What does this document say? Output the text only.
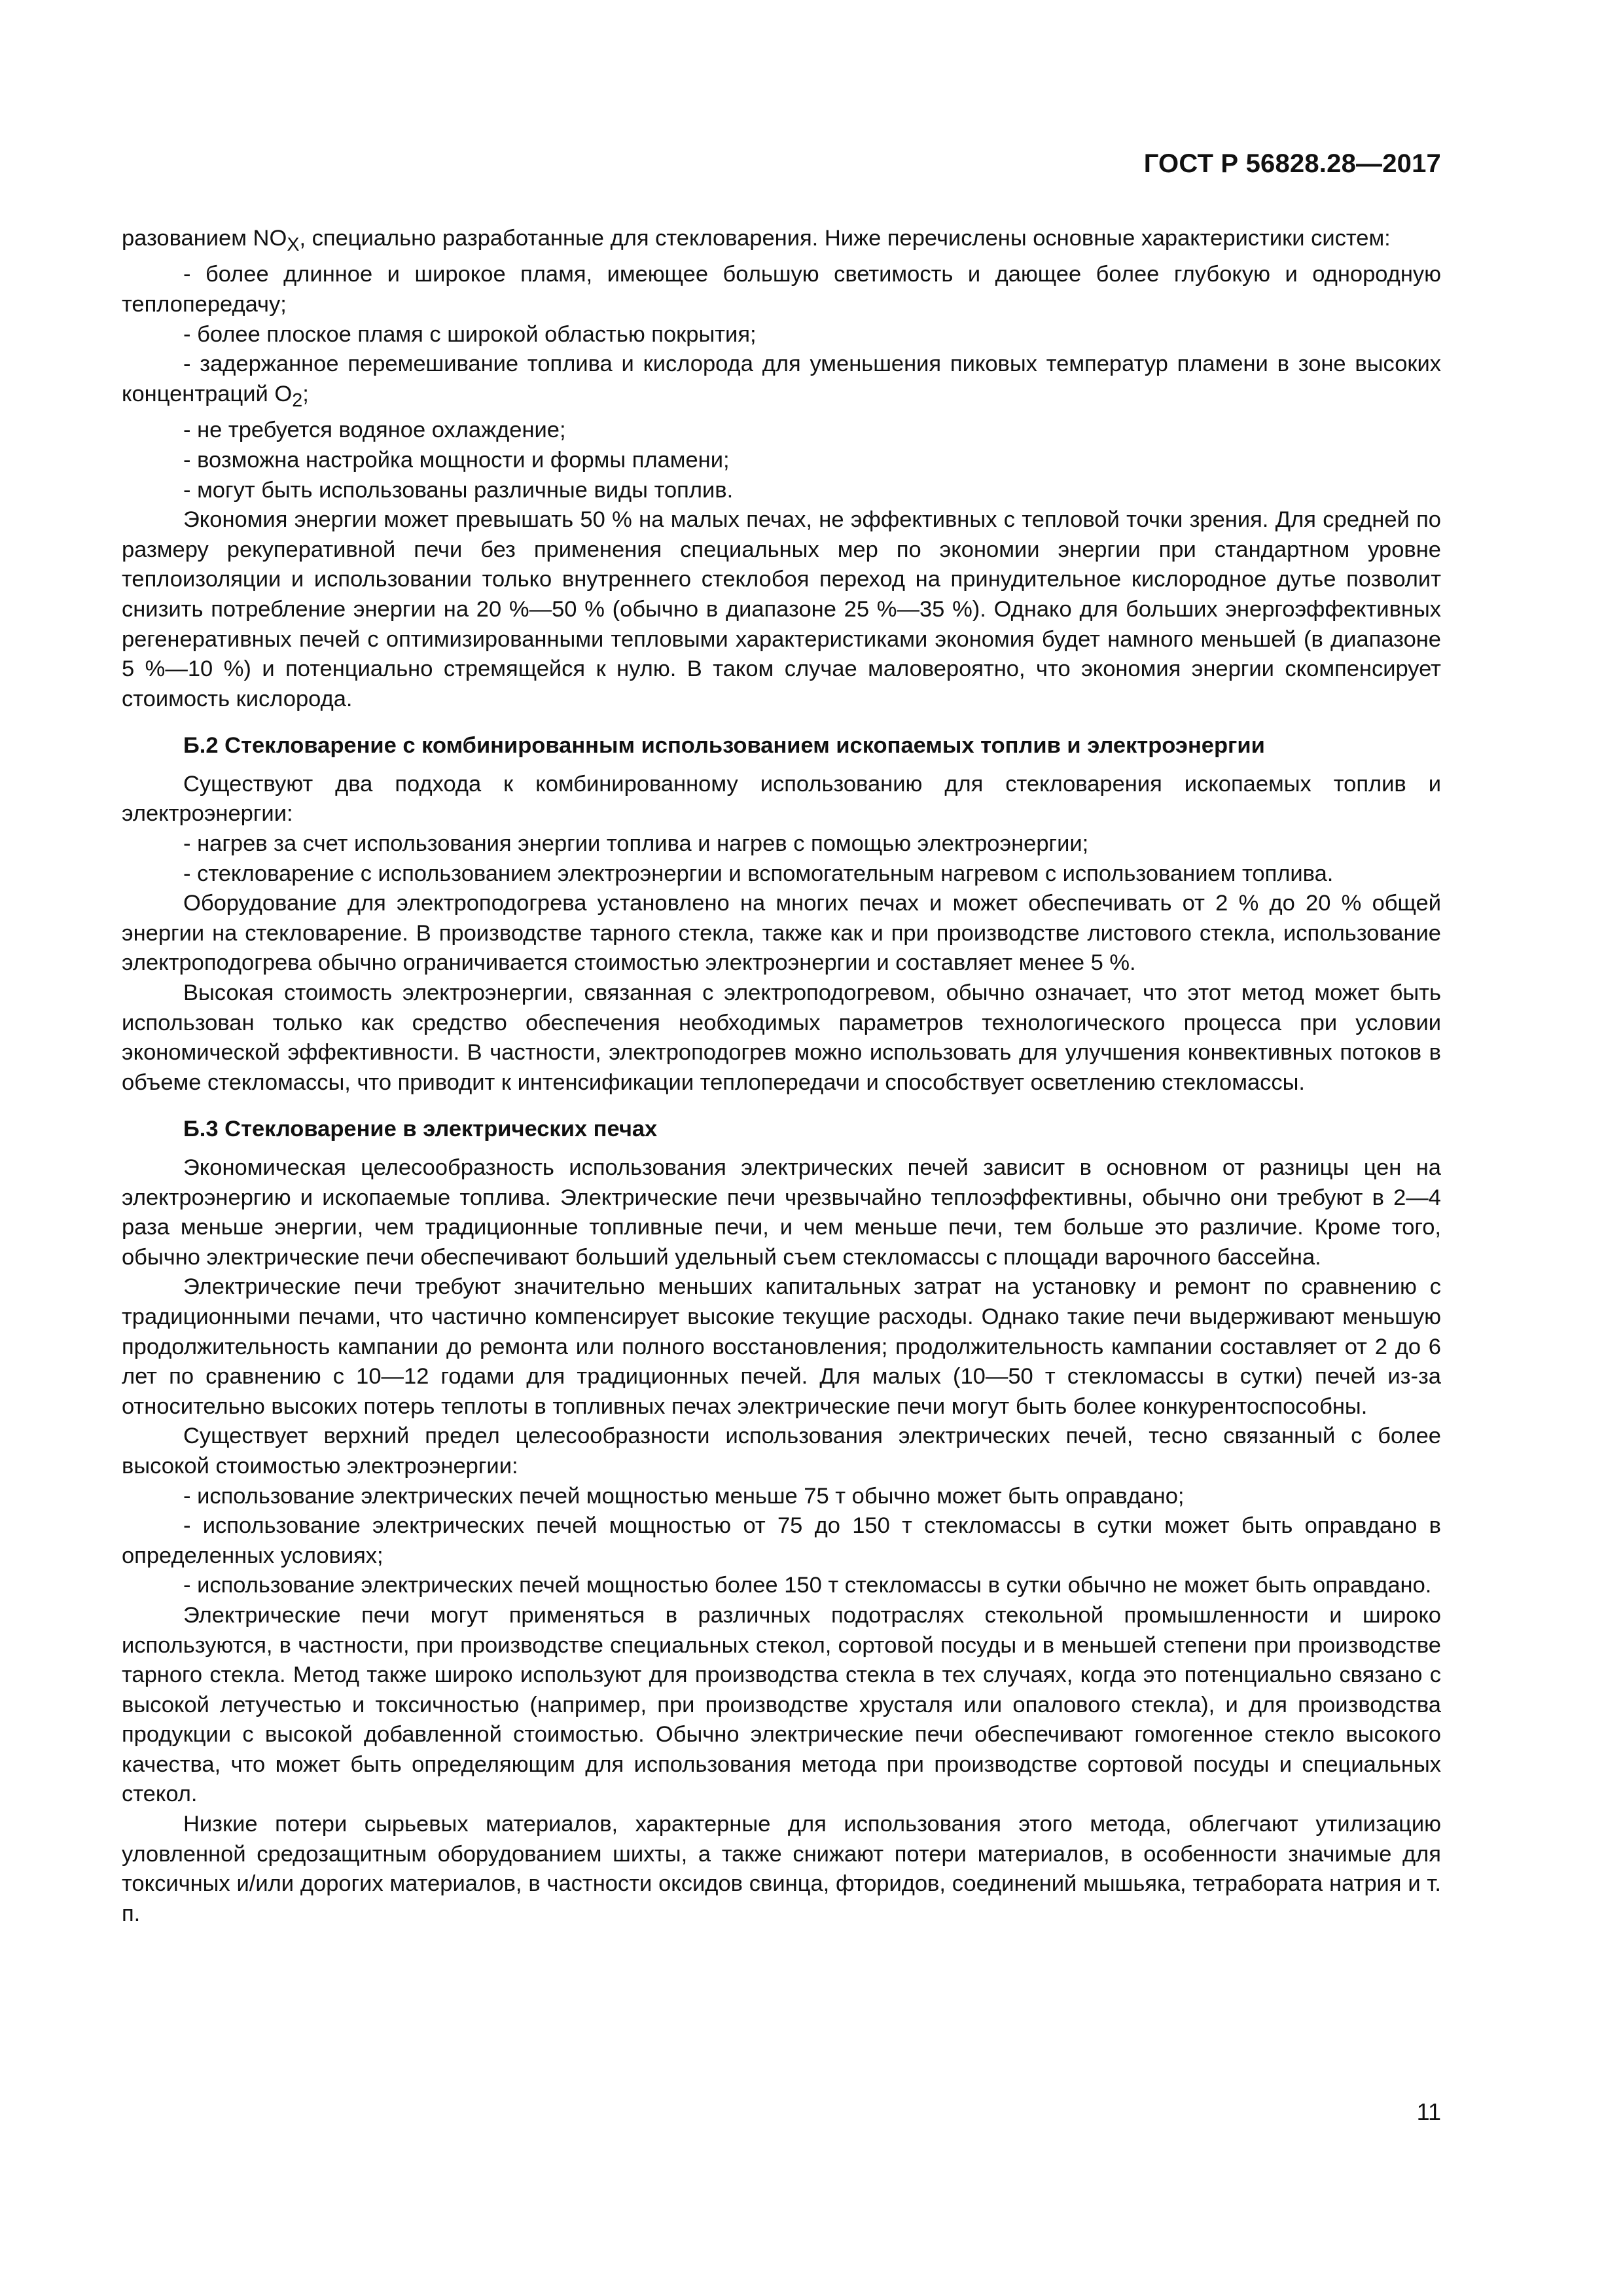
ГОСТ Р 56828.28—2017

разованием $NO_X$, специально разработанные для стекловарения. Ниже перечислены основные характеристики систем:

- более длинное и широкое пламя, имеющее большую светимость и дающее более глубокую и однородную теплопередачу;

- более плоское пламя с широкой областью покрытия;

- задержанное перемешивание топлива и кислорода для уменьшения пиковых температур пламени в зоне высоких концентраций $O_2$;

- не требуется водяное охлаждение;

- возможна настройка мощности и формы пламени;

- могут быть использованы различные виды топлив.

Экономия энергии может превышать 50 % на малых печах, не эффективных с тепловой точки зрения. Для средней по размеру рекуперативной печи без применения специальных мер по экономии энергии при стандартном уровне теплоизоляции и использовании только внутреннего стеклобоя переход на принудительное кислородное дутье позволит снизить потребление энергии на 20 %—50 % (обычно в диапазоне 25 %—35 %). Однако для больших энергоэффективных регенеративных печей с оптимизированными тепловыми характеристиками экономия будет намного меньшей (в диапазоне 5 %—10 %) и потенциально стремящейся к нулю. В таком случае маловероятно, что экономия энергии скомпенсирует стоимость кислорода.

Б.2 Стекловарение с комбинированным использованием ископаемых топлив и электроэнергии

Существуют два подхода к комбинированному использованию для стекловарения ископаемых топлив и электроэнергии:

- нагрев за счет использования энергии топлива и нагрев с помощью электроэнергии;

- стекловарение с использованием электроэнергии и вспомогательным нагревом с использованием топлива.

Оборудование для электроподогрева установлено на многих печах и может обеспечивать от 2 % до 20 % общей энергии на стекловарение. В производстве тарного стекла, также как и при производстве листового стекла, использование электроподогрева обычно ограничивается стоимостью электроэнергии и составляет менее 5 %.

Высокая стоимость электроэнергии, связанная с электроподогревом, обычно означает, что этот метод может быть использован только как средство обеспечения необходимых параметров технологического процесса при условии экономической эффективности. В частности, электроподогрев можно использовать для улучшения конвективных потоков в объеме стекломассы, что приводит к интенсификации теплопередачи и способствует осветлению стекломассы.

Б.3 Стекловарение в электрических печах

Экономическая целесообразность использования электрических печей зависит в основном от разницы цен на электроэнергию и ископаемые топлива. Электрические печи чрезвычайно теплоэффективны, обычно они требуют в 2—4 раза меньше энергии, чем традиционные топливные печи, и чем меньше печи, тем больше это различие. Кроме того, обычно электрические печи обеспечивают больший удельный съем стекломассы с площади варочного бассейна.

Электрические печи требуют значительно меньших капитальных затрат на установку и ремонт по сравнению с традиционными печами, что частично компенсирует высокие текущие расходы. Однако такие печи выдерживают меньшую продолжительность кампании до ремонта или полного восстановления; продолжительность кампании составляет от 2 до 6 лет по сравнению с 10—12 годами для традиционных печей. Для малых (10—50 т стекломассы в сутки) печей из-за относительно высоких потерь теплоты в топливных печах электрические печи могут быть более конкурентоспособны.

Существует верхний предел целесообразности использования электрических печей, тесно связанный с более высокой стоимостью электроэнергии:

- использование электрических печей мощностью меньше 75 т обычно может быть оправдано;

- использование электрических печей мощностью от 75 до 150 т стекломассы в сутки может быть оправдано в определенных условиях;

- использование электрических печей мощностью более 150 т стекломассы в сутки обычно не может быть оправдано.

Электрические печи могут применяться в различных подотраслях стекольной промышленности и широко используются, в частности, при производстве специальных стекол, сортовой посуды и в меньшей степени при производстве тарного стекла. Метод также широко используют для производства стекла в тех случаях, когда это потенциально связано с высокой летучестью и токсичностью (например, при производстве хрусталя или опалового стекла), и для производства продукции с высокой добавленной стоимостью. Обычно электрические печи обеспечивают гомогенное стекло высокого качества, что может быть определяющим для использования метода при производстве сортовой посуды и специальных стекол.

Низкие потери сырьевых материалов, характерные для использования этого метода, облегчают утилизацию уловленной средозащитным оборудованием шихты, а также снижают потери материалов, в особенности значимые для токсичных и/или дорогих материалов, в частности оксидов свинца, фторидов, соединений мышьяка, тетрабората натрия и т. п.

11
